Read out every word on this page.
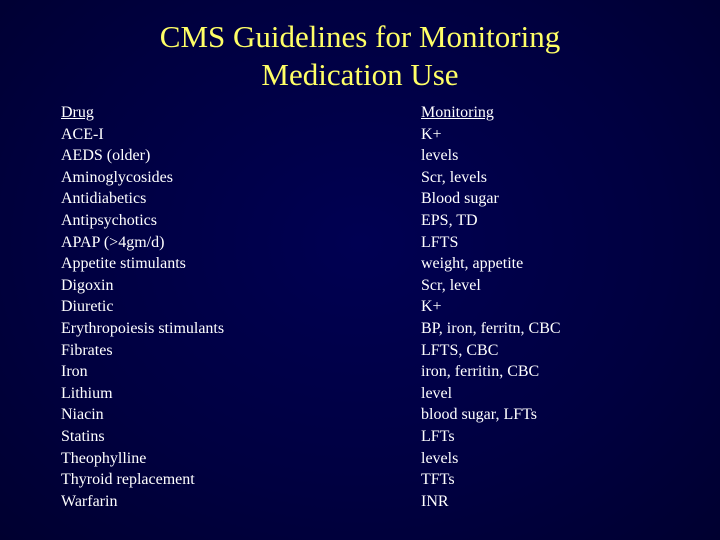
CMS Guidelines for Monitoring
Medication Use
Drug
ACE-I
AEDS (older)
Aminoglycosides
Antidiabetics
Antipsychotics
APAP (>4gm/d)
Appetite stimulants
Digoxin
Diuretic
Erythropoiesis stimulants
Fibrates
Iron
Lithium
Niacin
Statins
Theophylline
Thyroid replacement
Warfarin
Monitoring
K+
levels
Scr, levels
Blood sugar
EPS, TD
LFTS
weight, appetite
Scr, level
K+
BP, iron, ferritn, CBC
LFTS, CBC
iron, ferritin, CBC
level
blood sugar, LFTs
LFTs
levels
TFTs
INR
